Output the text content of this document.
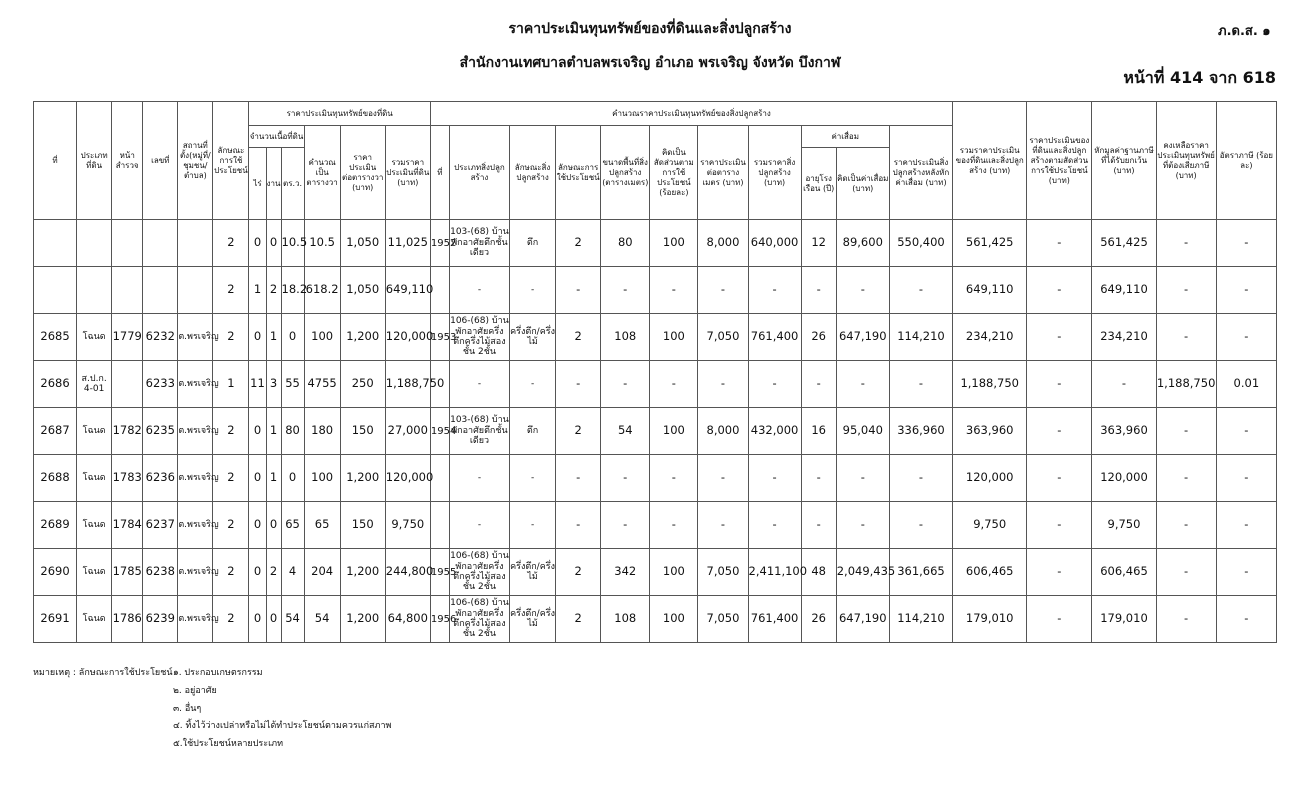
ราคาประเมินทุนทรัพย์ของที่ดินและสิ่งปลูกสร้าง
สำนักงานเทศบาลตำบลพรเจริญ อำเภอ พรเจริญ จังหวัด บึงกาฬ
ภ.ด.ส. ๑
หน้าที่ 414 จาก 618
ที่	ประเภทที่ดิน	หน้าสำรวจ	เลขที่	สถานที่ตั้ง(หมู่ที่/ชุมชน/ตำบล)	ลักษณะการใช้ประโยชน์	ราคาประเมินทุนทรัพย์ของที่ดิน						คำนวณราคาประเมินทุนทรัพย์ของสิ่งปลูกสร้าง											รวมราคาประเมินของที่ดินและสิ่งปลูกสร้าง (บาท)	ราคาประเมินของที่ดินและสิ่งปลูกสร้างตามสัดส่วนการใช้ประโยชน์ (บาท)	หักมูลค่าฐานภาษีที่ได้รับยกเว้น (บาท)	คงเหลือราคาประเมินทุนทรัพย์ที่ต้องเสียภาษี (บาท)	อัตราภาษี (ร้อยละ)
						จำนวนเนื้อที่ดิน			คำนวณเป็นตารางวา	ราคาประเมินต่อตารางวา (บาท)	รวมราคาประเมินที่ดิน (บาท)	ที่	ประเภทสิ่งปลูกสร้าง	ลักษณะสิ่งปลูกสร้าง	ลักษณะการใช้ประโยชน์	ขนาดพื้นที่สิ่งปลูกสร้าง (ตารางเมตร)	คิดเป็นสัดส่วนตามการใช้ประโยชน์ (ร้อยละ)	ราคาประเมินต่อตารางเมตร (บาท)	รวมราคาสิ่งปลูกสร้าง (บาท)	ค่าเสื่อม		ราคาประเมินสิ่งปลูกสร้างหลังหักค่าเสื่อม (บาท)					
						ไร่	งาน	ตร.ว.												อายุโรงเรือน (ปี)	คิดเป็นค่าเสื่อม (บาท)						

					2	0	0	10.5	10.5	1,050	11,025	1952	103-(68) บ้านพักอาศัยตึกชั้นเดียว	ตึก	2	80	100	8,000	640,000	12	89,600	550,400	561,425	-	561,425	-	-
					2	1	2	18.2	618.2	1,050	649,110		-	-	-	-	-	-	-	-	-	-	649,110	-	649,110	-	-
2685	โฉนด	1779	6232	ต.พรเจริญ	2	0	1	0	100	1,200	120,000	1953	106-(68) บ้านพักอาศัยครึ่งตึกครึ่งไม้สองชั้น 2ชั้น	ครึ่งตึก/ครึ่งไม้	2	108	100	7,050	761,400	26	647,190	114,210	234,210	-	234,210	-	-
2686	ส.ป.ก. 4-01		6233	ต.พรเจริญ	1	11	3	55	4755	250	1,188,750		-	-	-	-	-	-	-	-	-	-	1,188,750	-	-	1,188,750	0.01
2687	โฉนด	1782	6235	ต.พรเจริญ	2	0	1	80	180	150	27,000	1954	103-(68) บ้านพักอาศัยตึกชั้นเดียว	ตึก	2	54	100	8,000	432,000	16	95,040	336,960	363,960	-	363,960	-	-
2688	โฉนด	1783	6236	ต.พรเจริญ	2	0	1	0	100	1,200	120,000		-	-	-	-	-	-	-	-	-	-	120,000	-	120,000	-	-
2689	โฉนด	1784	6237	ต.พรเจริญ	2	0	0	65	65	150	9,750		-	-	-	-	-	-	-	-	-	-	9,750	-	9,750	-	-
2690	โฉนด	1785	6238	ต.พรเจริญ	2	0	2	4	204	1,200	244,800	1955	106-(68) บ้านพักอาศัยครึ่งตึกครึ่งไม้สองชั้น 2ชั้น	ครึ่งตึก/ครึ่งไม้	2	342	100	7,050	2,411,100	48	2,049,435	361,665	606,465	-	606,465	-	-
2691	โฉนด	1786	6239	ต.พรเจริญ	2	0	0	54	54	1,200	64,800	1956	106-(68) บ้านพักอาศัยครึ่งตึกครึ่งไม้สองชั้น 2ชั้น	ครึ่งตึก/ครึ่งไม้	2	108	100	7,050	761,400	26	647,190	114,210	179,010	-	179,010	-	-
หมายเหตุ : ลักษณะการใช้ประโยชน์ ๑. ประกอบเกษตรกรรม
๒. อยู่อาศัย
๓. อื่นๆ
๔. ทิ้งไว้ว่างเปล่าหรือไม่ได้ทำประโยชน์ตามควรแก่สภาพ
๕.ใช้ประโยชน์หลายประเภท
